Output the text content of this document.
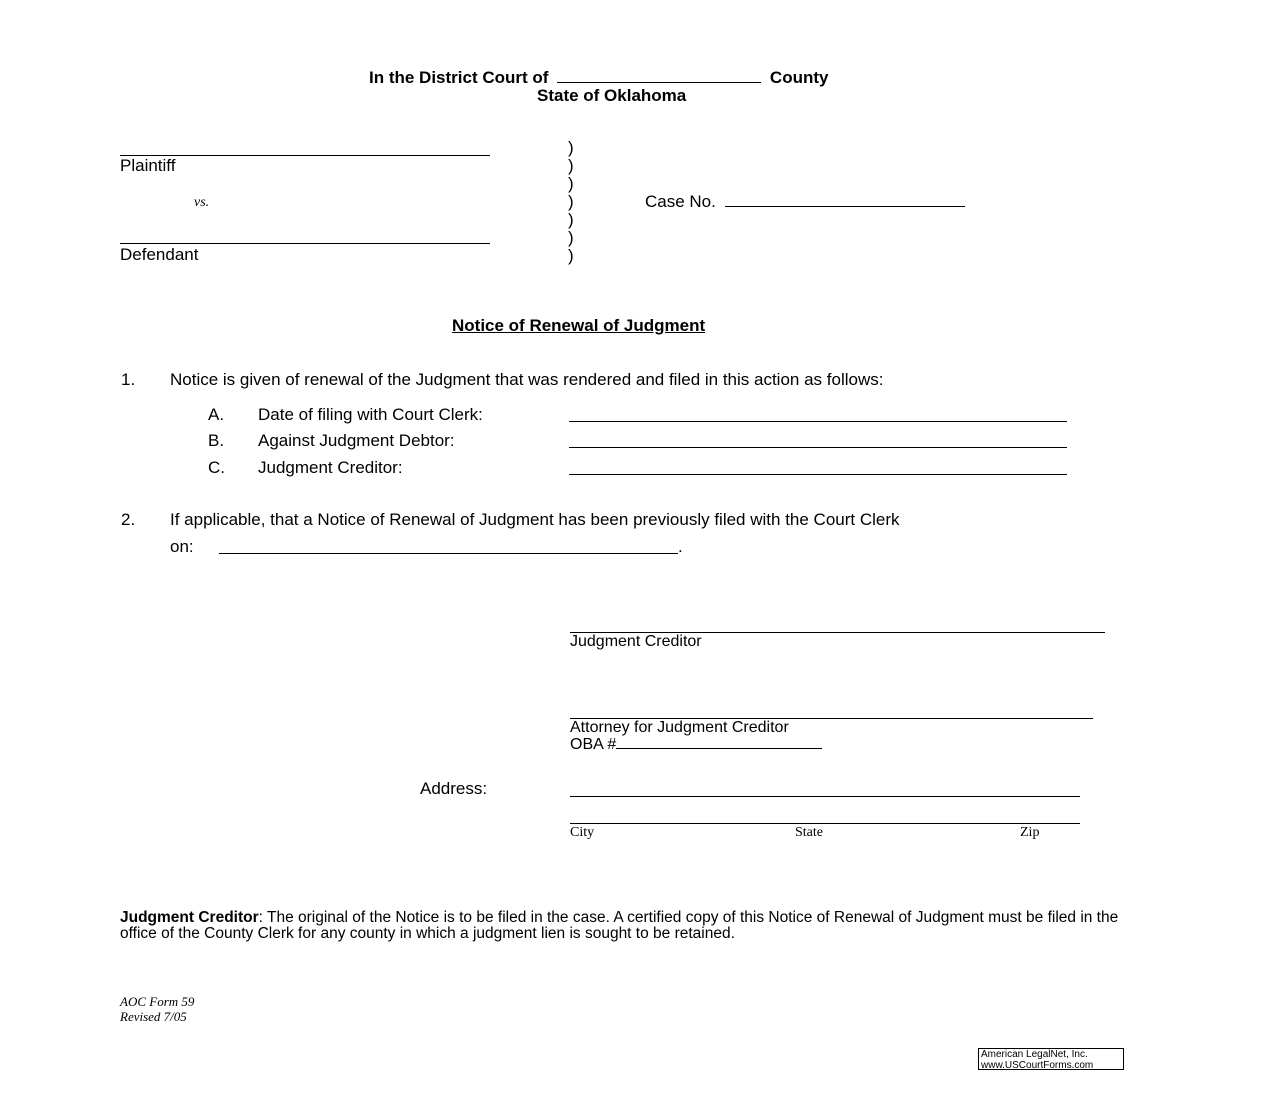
In the District Court of	County
State of Oklahoma
Plaintiff
vs.
Defendant
)
)
)
)
)
)
)
Case No.
Notice of Renewal of Judgment
1. Notice is given of renewal of the Judgment that was rendered and filed in this action as follows:
A. Date of filing with Court Clerk:
B. Against Judgment Debtor:
C. Judgment Creditor:
2. If applicable, that a Notice of Renewal of Judgment has been previously filed with the Court Clerk
on:	.
Judgment Creditor
Attorney for Judgment Creditor
OBA #
Address:
City	State	Zip
Judgment Creditor: The original of the Notice is to be filed in the case. A certified copy of this Notice of Renewal of Judgment must be filed in the office of the County Clerk for any county in which a judgment lien is sought to be retained.
AOC Form 59
Revised 7/05
American LegalNet, Inc.
www.USCourtForms.com
